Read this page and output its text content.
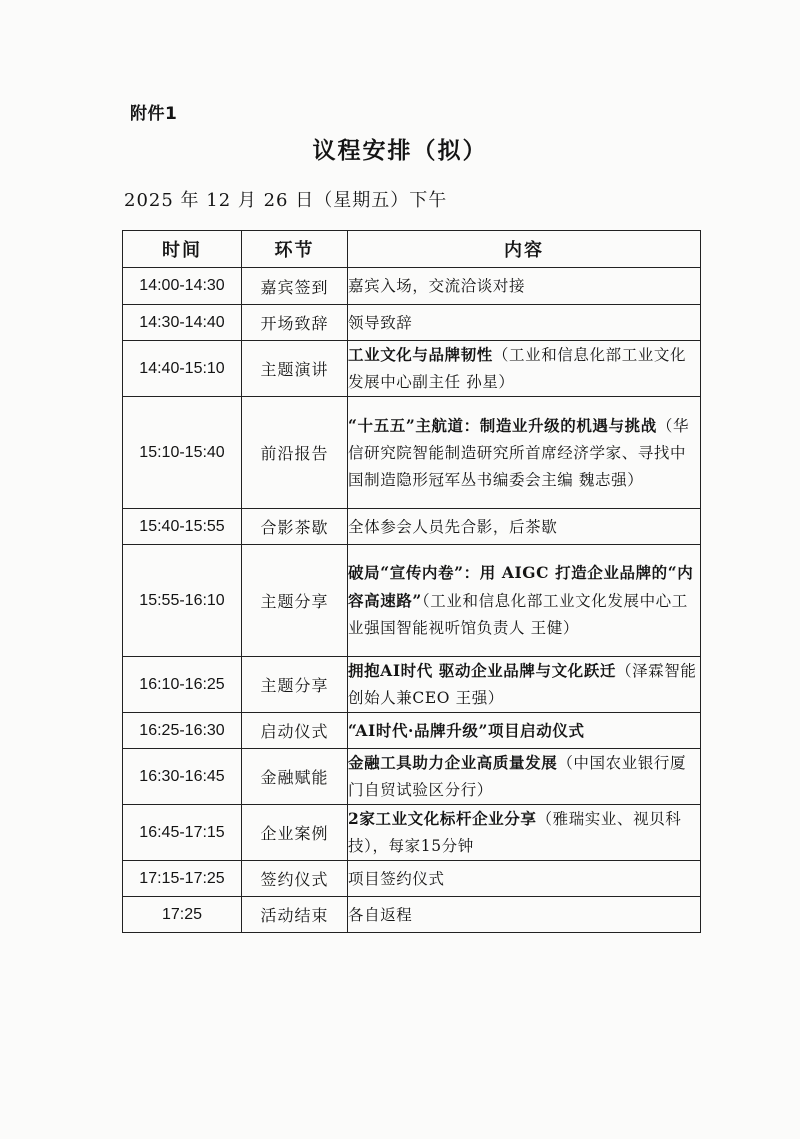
附件1
议程安排（拟）
2025 年 12 月 26 日（星期五）下午
时间	环节	内容
14:00-14:30	嘉宾签到	嘉宾入场，交流洽谈对接
14:30-14:40	开场致辞	领导致辞
14:40-15:10	主题演讲	工业文化与品牌韧性（工业和信息化部工业文化发展中心副主任 孙星）
15:10-15:40	前沿报告	“十五五”主航道：制造业升级的机遇与挑战（华信研究院智能制造研究所首席经济学家、寻找中国制造隐形冠军丛书编委会主编 魏志强）
15:40-15:55	合影茶歇	全体参会人员先合影，后茶歇
15:55-16:10	主题分享	破局“宣传内卷”：用 AIGC 打造企业品牌的“内容高速路”（工业和信息化部工业文化发展中心工业强国智能视听馆负责人 王健）
16:10-16:25	主题分享	拥抱AI时代 驱动企业品牌与文化跃迁（泽霖智能创始人兼CEO 王强）
16:25-16:30	启动仪式	“AI时代·品牌升级”项目启动仪式
16:30-16:45	金融赋能	金融工具助力企业高质量发展（中国农业银行厦门自贸试验区分行）
16:45-17:15	企业案例	2家工业文化标杆企业分享（雅瑞实业、视贝科技），每家15分钟
17:15-17:25	签约仪式	项目签约仪式
17:25	活动结束	各自返程
